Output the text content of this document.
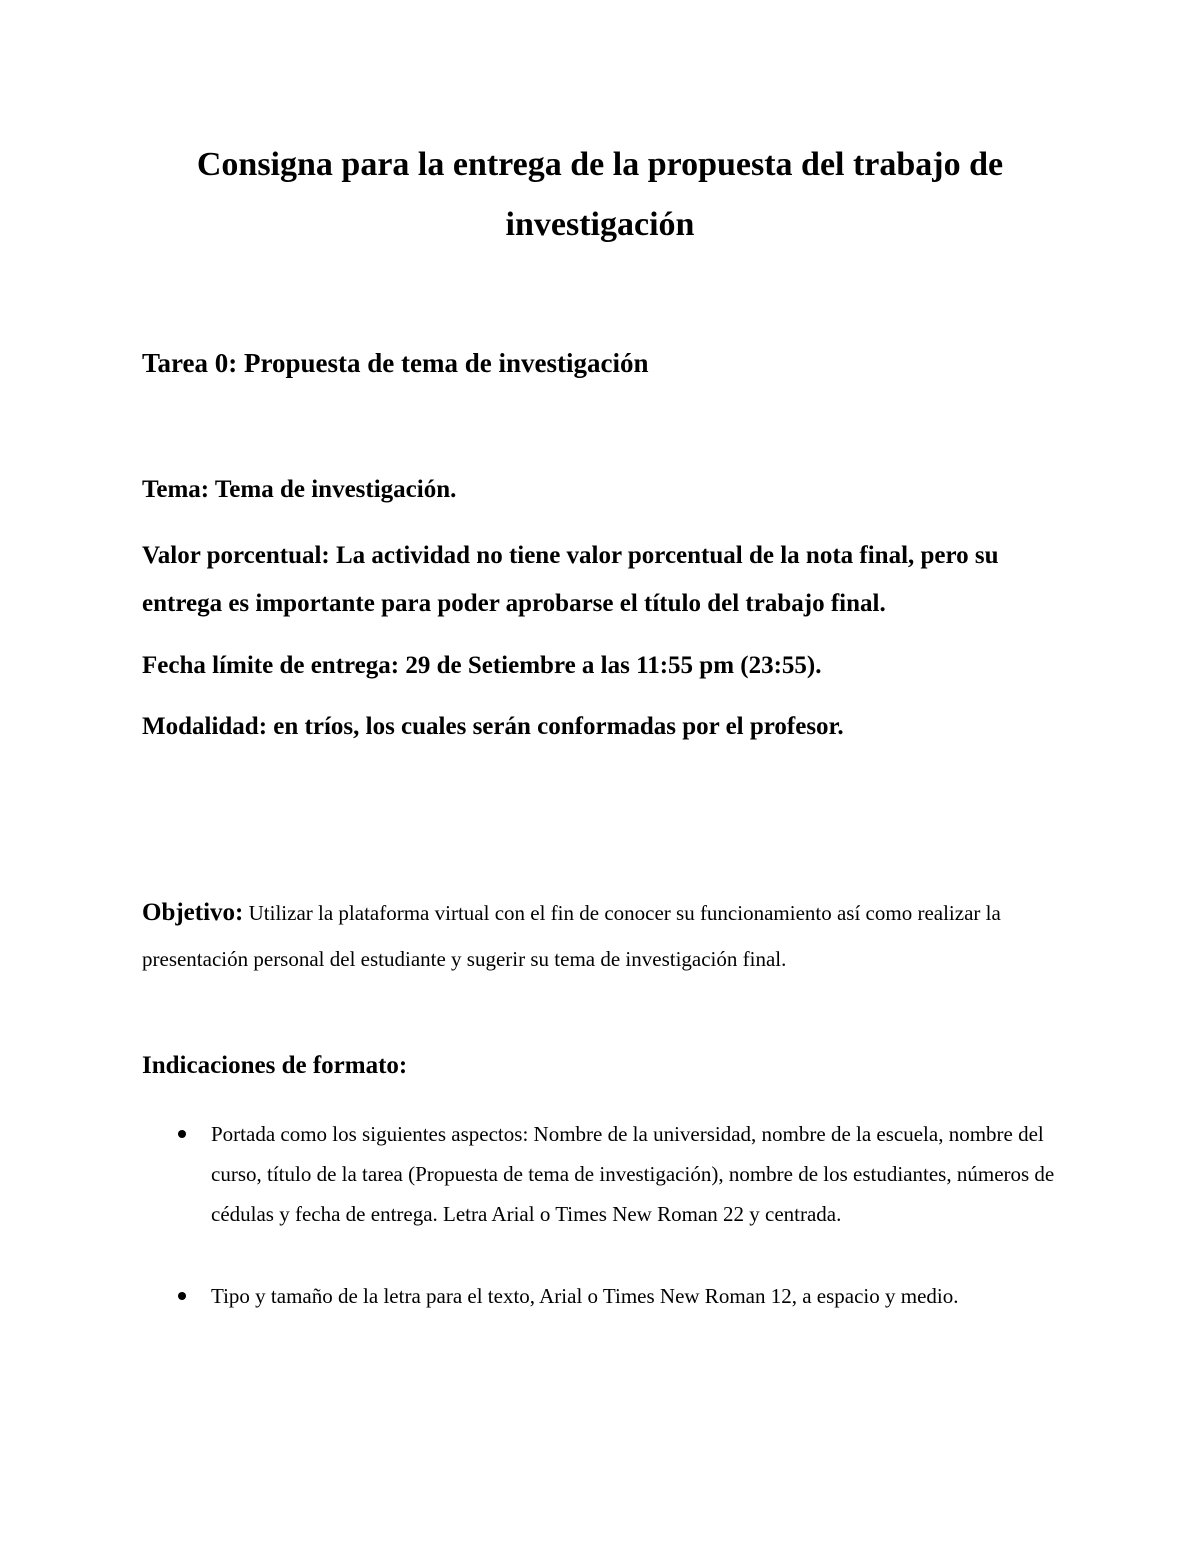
Consigna para la entrega de la propuesta del trabajo de investigación
Tarea 0: Propuesta de tema de investigación

Tema: Tema de investigación.

Valor porcentual: La actividad no tiene valor porcentual de la nota final, pero su entrega es importante para poder aprobarse el título del trabajo final.

Fecha límite de entrega: 29 de Setiembre a las 11:55 pm (23:55).

Modalidad: en tríos, los cuales serán conformadas por el profesor.

Objetivo: Utilizar la plataforma virtual con el fin de conocer su funcionamiento así como realizar la presentación personal del estudiante y sugerir su tema de investigación final.

Indicaciones de formato:
Portada como los siguientes aspectos: Nombre de la universidad, nombre de la escuela, nombre del curso, título de la tarea (Propuesta de tema de investigación), nombre de los estudiantes, números de cédulas y fecha de entrega. Letra Arial o Times New Roman 22 y centrada.
Tipo y tamaño de la letra para el texto, Arial o Times New Roman 12, a espacio y medio.
